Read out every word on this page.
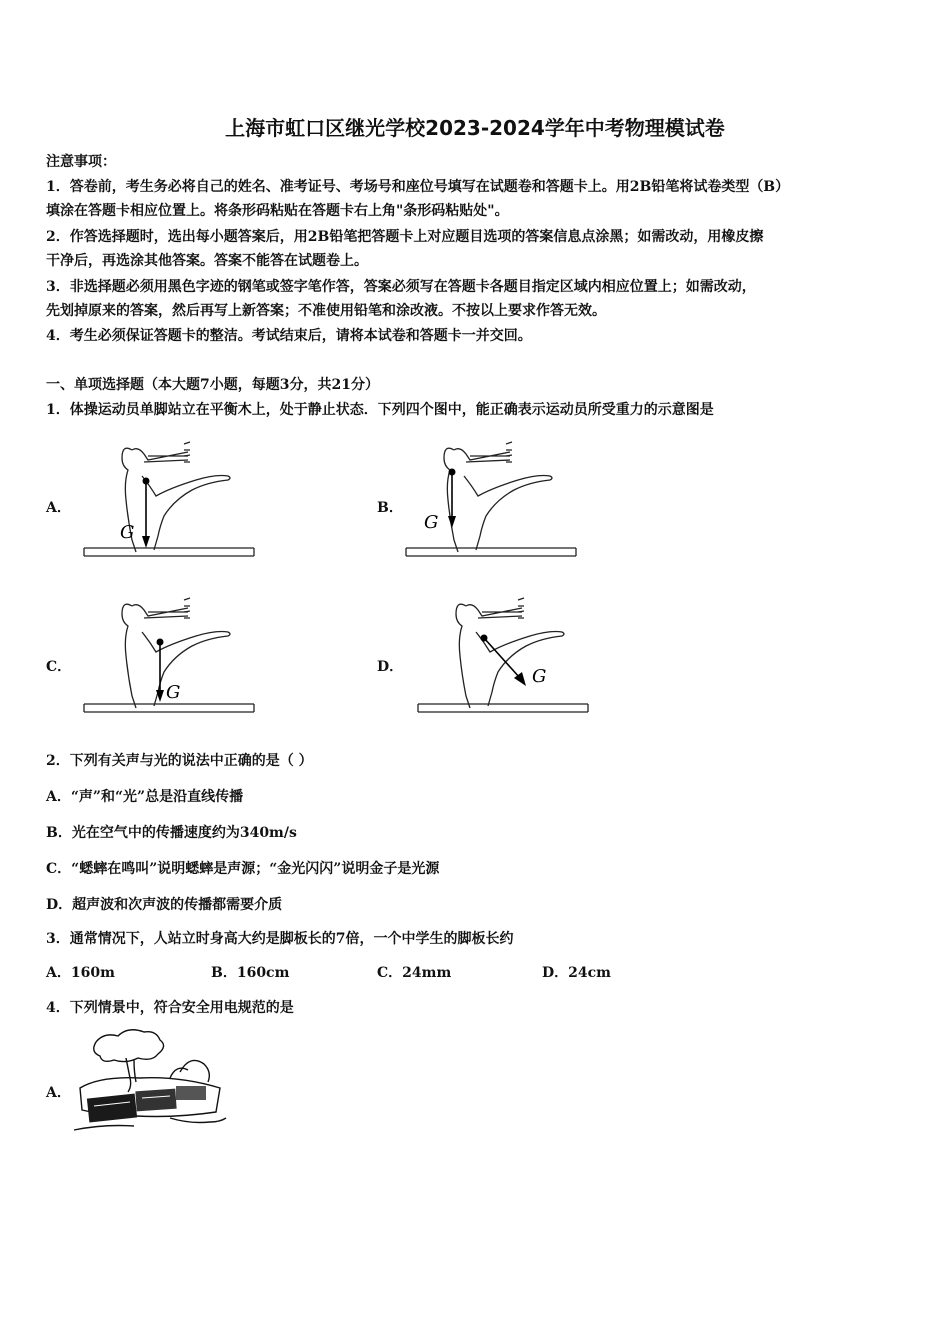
上海市虹口区继光学校2023-2024学年中考物理模试卷
注意事项：
1．答卷前，考生务必将自己的姓名、准考证号、考场号和座位号填写在试题卷和答题卡上。用2B铅笔将试卷类型（B）
填涂在答题卡相应位置上。将条形码粘贴在答题卡右上角"条形码粘贴处"。
2．作答选择题时，选出每小题答案后，用2B铅笔把答题卡上对应题目选项的答案信息点涂黑；如需改动，用橡皮擦
干净后，再选涂其他答案。答案不能答在试题卷上。
3．非选择题必须用黑色字迹的钢笔或签字笔作答，答案必须写在答题卡各题目指定区域内相应位置上；如需改动，
先划掉原来的答案，然后再写上新答案；不准使用铅笔和涂改液。不按以上要求作答无效。
4．考生必须保证答题卡的整洁。考试结束后，请将本试卷和答题卡一并交回。
一、单项选择题（本大题7小题，每题3分，共21分）
1．体操运动员单脚站立在平衡木上，处于静止状态．下列四个图中，能正确表示运动员所受重力的示意图是
A．	B．
C．	D．
G	G
G
G
2．下列有关声与光的说法中正确的是（ ）
A．“声”和“光”总是沿直线传播
B．光在空气中的传播速度约为340m/s
C．“蟋蟀在鸣叫”说明蟋蟀是声源；“金光闪闪”说明金子是光源
D．超声波和次声波的传播都需要介质
3．通常情况下，人站立时身高大约是脚板长的7倍，一个中学生的脚板长约
A．160m	B．160cm	C．24mm	D．24cm
4．下列情景中，符合安全用电规范的是
A．
